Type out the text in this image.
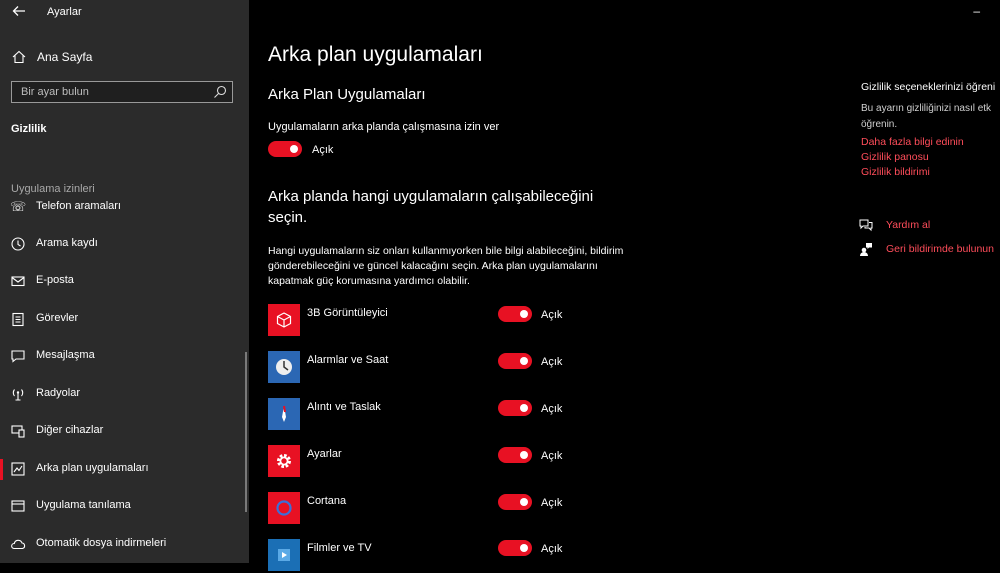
Ayarlar
Ana Sayfa
Bir ayar bulun
Gizlilik
Uygulama izinleri
☏ Telefon aramaları
Arama kaydı
E-posta
Görevler
Mesajlaşma
Radyolar
Diğer cihazlar
Arka plan uygulamaları
Uygulama tanılama
Otomatik dosya indirmeleri
–
Arka plan uygulamaları
Arka Plan Uygulamaları
Uygulamaların arka planda çalışmasına izin ver
Açık
Arka planda hangi uygulamaların çalışabileceğini seçin.
Hangi uygulamaların siz onları kullanmıyorken bile bilgi alabileceğini, bildirim gönderebileceğini ve güncel kalacağını seçin. Arka plan uygulamalarını kapatmak güç korumasına yardımcı olabilir.
3B Görüntüleyici	Açık
Alarmlar ve Saat	Açık
Alıntı ve Taslak	Açık
Ayarlar	Açık
Cortana	Açık
Filmler ve TV	Açık
Gizlilik seçeneklerinizi öğreni
Bu ayarın gizliliğinizi nasıl etk
öğrenin.
Daha fazla bilgi edinin
Gizlilik panosu
Gizlilik bildirimi
Yardım al
Geri bildirimde bulunun
